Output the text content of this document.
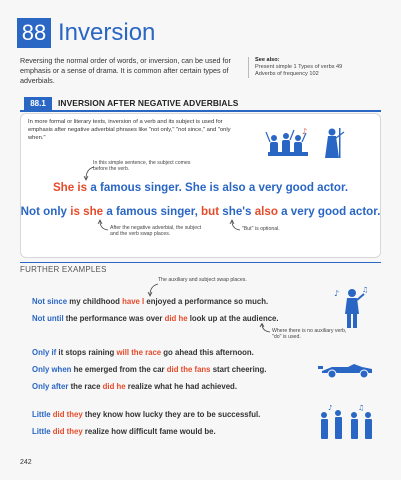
88 Inversion
Reversing the normal order of words, or inversion, can be used for emphasis or a sense of drama. It is common after certain types of adverbials.
See also:
Present simple 1 Types of verbs 49
Adverbs of frequency 102
88.1	INVERSION AFTER NEGATIVE ADVERBIALS
In more formal or literary texts, inversion of a verb and its subject is used for emphasis after negative adverbial phrases like "not only," "not since," and "only when."
♪
In this simple sentence, the subject comes before the verb.
She is a famous singer. She is also a very good actor.
Not only is she a famous singer, but she's also a very good actor.
After the negative adverbial, the subject and the verb swap places.
"But" is optional.
FURTHER EXAMPLES
The auxiliary and subject swap places.
Not since my childhood have I enjoyed a performance so much.
Not until the performance was over did he look up at the audience.
Where there is no auxiliary verb, "do" is used.
♪	♫
Only if it stops raining will the race go ahead this afternoon.
Only when he emerged from the car did the fans start cheering.
Only after the race did he realize what he had achieved.
Little did they they know how lucky they are to be successful.
Little did they realize how difficult fame would be.
♪	♫
242
